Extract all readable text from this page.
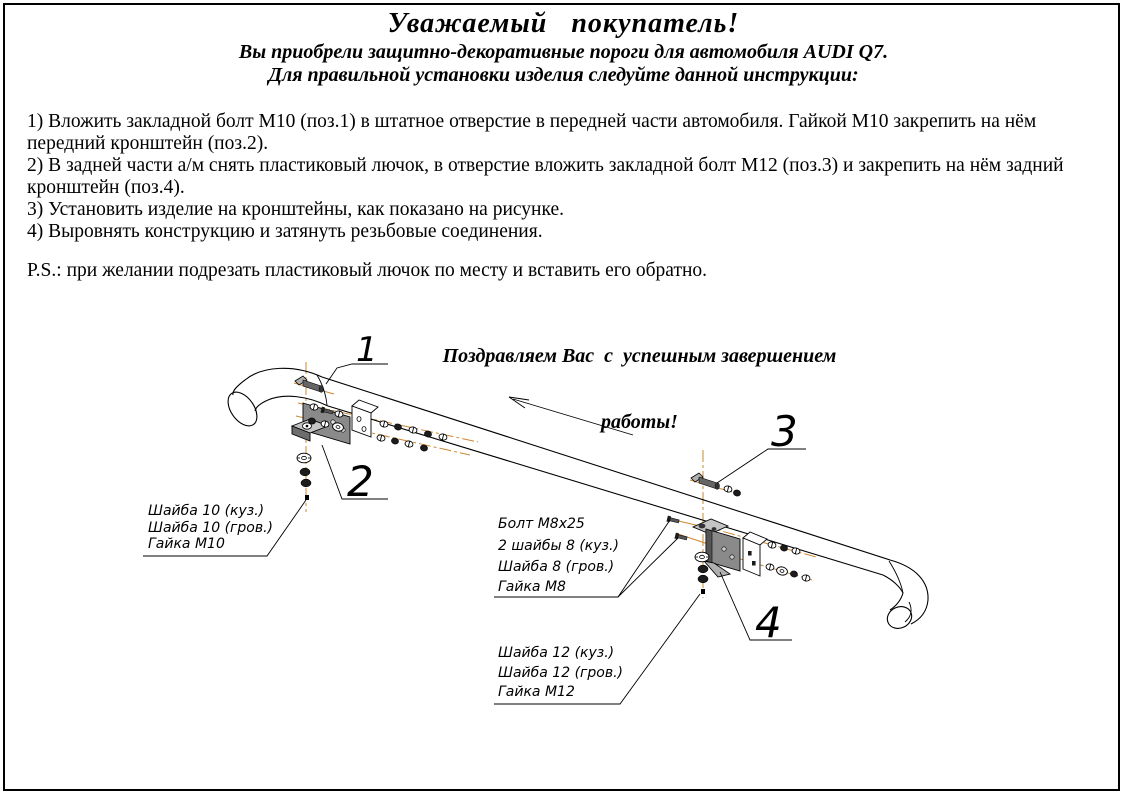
Уважаемый   покупатель!
Вы приобрели защитно-декоративные пороги для автомобиля AUDI Q7.
Для правильной установки изделия следуйте данной инструкции:
1) Вложить закладной болт М10 (поз.1) в штатное отверстие в передней части автомобиля. Гайкой М10 закрепить на нём передний кронштейн (поз.2).
2) В задней части а/м снять пластиковый лючок, в отверстие вложить закладной болт М12 (поз.3) и закрепить на нём задний кронштейн (поз.4).
3) Установить изделие на кронштейны, как показано на рисунке.
4) Выровнять конструкцию и затянуть резьбовые соединения.
P.S.: при желании подрезать пластиковый лючок по месту и вставить его обратно.

Поздравляем Вас  с  успешным завершением

работы!

1
2
3
4
Шайба 10 (куз.)
Шайба 10 (гров.)
Гайка М10
Болт М8х25
2 шайбы 8 (куз.)
Шайба 8 (гров.)
Гайка М8
Шайба 12 (куз.)
Шайба 12 (гров.)
Гайка М12
